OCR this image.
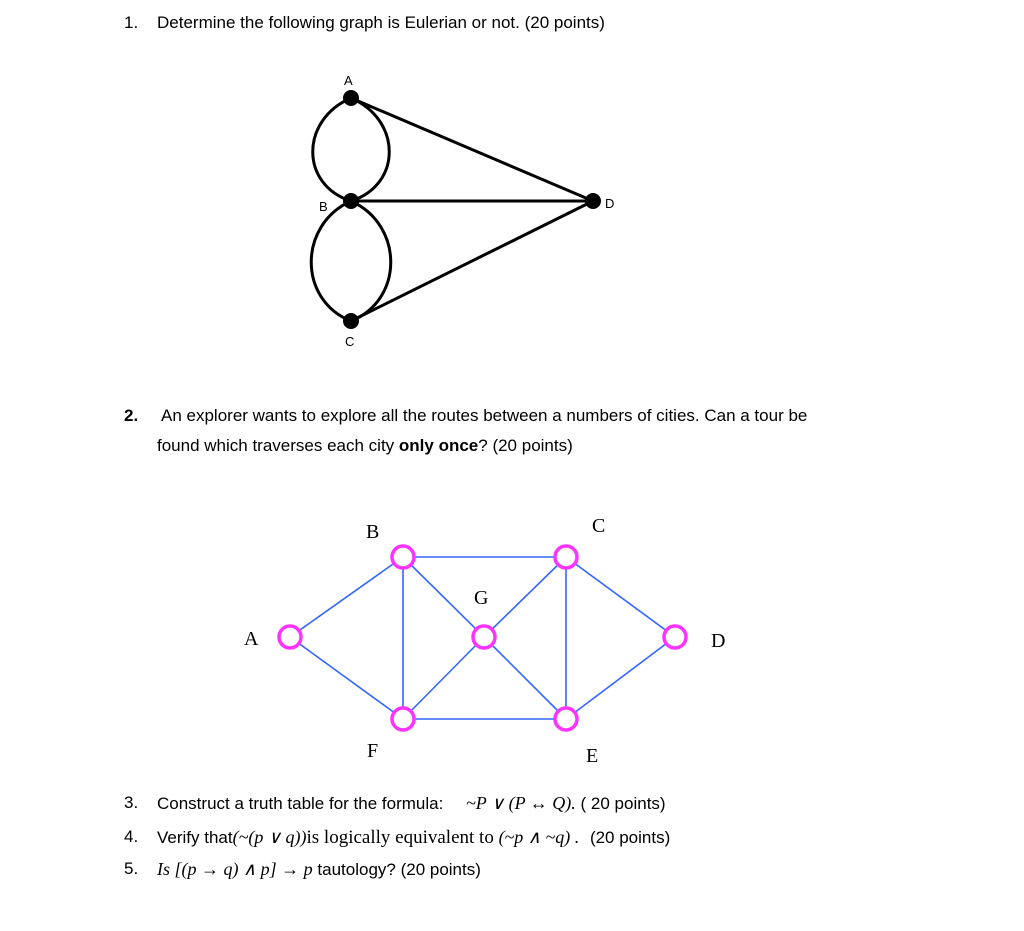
1. Determine the following graph is Eulerian or not. (20 points)
A
B
C
D
A
B	C
D
E
F
G
2. An explorer wants to explore all the routes between a numbers of cities. Can a tour be
found which traverses each city only once? (20 points)
3. Construct a truth table for the formula: ~P ∨ (P ↔ Q). ( 20 points)
4. Verify that(~(p ∨ q))is logically equivalent to (~p ∧ ~q) . (20 points)
5. Is [(p → q) ∧ p] → p tautology? (20 points)
